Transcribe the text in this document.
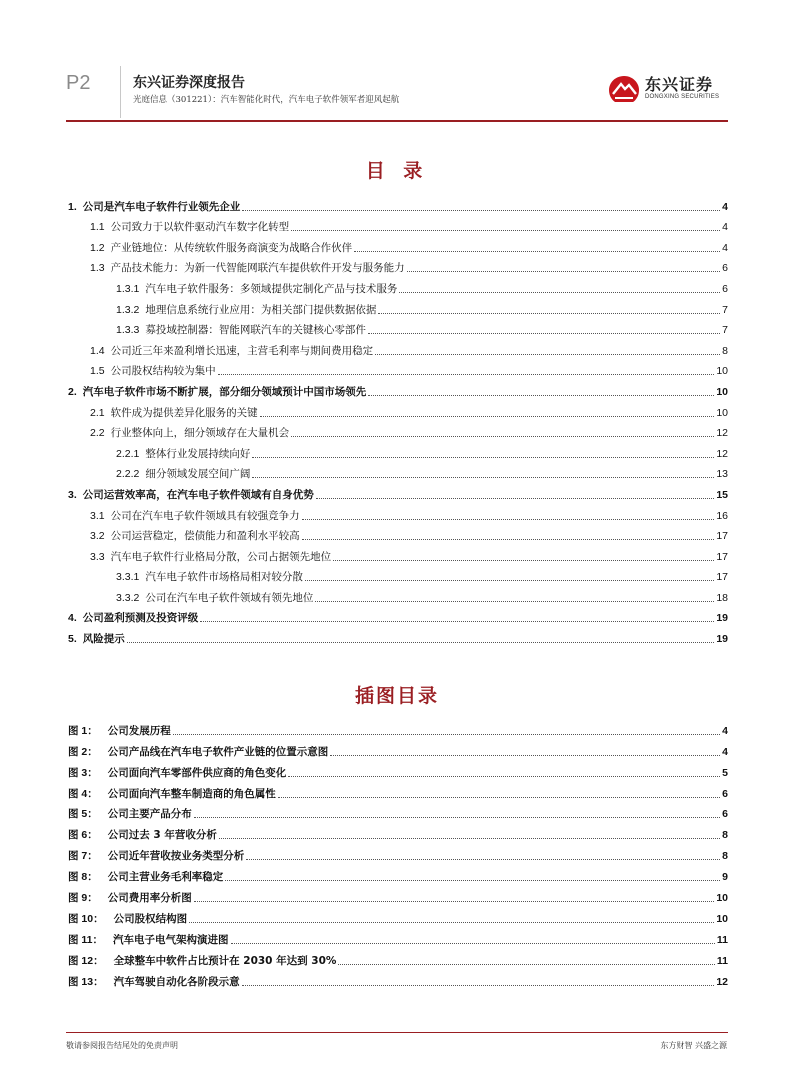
P2	东兴证券深度报告
光庭信息（301221）：汽车智能化时代，汽车电子软件领军者迎风起航
东兴证券
DONGXING SECURITIES
目 录
1. 公司是汽车电子软件行业领先企业	4
1.1 公司致力于以软件驱动汽车数字化转型	4
1.2 产业链地位：从传统软件服务商演变为战略合作伙伴	4
1.3 产品技术能力：为新一代智能网联汽车提供软件开发与服务能力	6
1.3.1 汽车电子软件服务：多领域提供定制化产品与技术服务	6
1.3.2 地理信息系统行业应用：为相关部门提供数据依据	7
1.3.3 募投域控制器：智能网联汽车的关键核心零部件	7
1.4 公司近三年来盈利增长迅速，主营毛利率与期间费用稳定	8
1.5 公司股权结构较为集中	10
2. 汽车电子软件市场不断扩展，部分细分领域预计中国市场领先	10
2.1 软件成为提供差异化服务的关键	10
2.2 行业整体向上，细分领域存在大量机会	12
2.2.1 整体行业发展持续向好	12
2.2.2 细分领域发展空间广阔	13
3. 公司运营效率高，在汽车电子软件领域有自身优势	15
3.1 公司在汽车电子软件领域具有较强竞争力	16
3.2 公司运营稳定，偿债能力和盈利水平较高	17
3.3 汽车电子软件行业格局分散，公司占据领先地位	17
3.3.1 汽车电子软件市场格局相对较分散	17
3.3.2 公司在汽车电子软件领域有领先地位	18
4. 公司盈利预测及投资评级	19
5. 风险提示	19
插图目录
图 1： 公司发展历程	4
图 2： 公司产品线在汽车电子软件产业链的位置示意图	4
图 3： 公司面向汽车零部件供应商的角色变化	5
图 4： 公司面向汽车整车制造商的角色属性	6
图 5： 公司主要产品分布	6
图 6： 公司过去 3 年营收分析	8
图 7： 公司近年营收按业务类型分析	8
图 8： 公司主营业务毛利率稳定	9
图 9： 公司费用率分析图	10
图 10： 公司股权结构图	10
图 11： 汽车电子电气架构演进图	11
图 12： 全球整车中软件占比预计在 2030 年达到 30%	11
图 13： 汽车驾驶自动化各阶段示意	12
敬请参阅报告结尾处的免责声明	东方财智 兴盛之源
